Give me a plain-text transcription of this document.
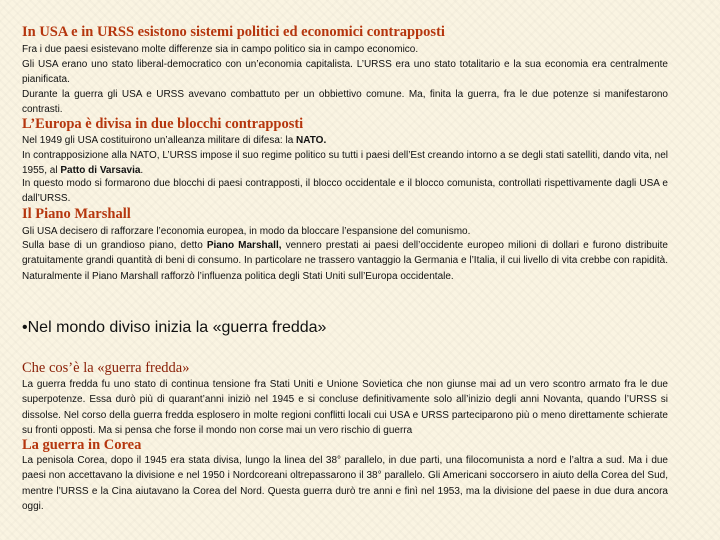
In USA e in URSS esistono sistemi politici ed economici contrapposti

Fra i due paesi esistevano molte differenze sia in campo politico sia in campo economico.

Gli USA erano uno stato liberal-democratico con un’economia capitalista. L’URSS era uno stato totalitario e la sua economia era centralmente pianificata.

Durante la guerra gli USA e URSS avevano combattuto per un obbiettivo comune. Ma, finita la guerra, fra le due potenze si manifestarono contrasti.

L’Europa è divisa in due blocchi contrapposti

Nel 1949 gli USA costituirono un’alleanza militare di difesa: la NATO.

In contrapposizione alla NATO, L’URSS impose il suo regime politico su tutti i paesi dell’Est creando intorno a se degli stati satelliti, dando vita, nel 1955, al Patto di Varsavia.

In questo modo si formarono due blocchi di paesi contrapposti, il blocco occidentale e il blocco comunista, controllati rispettivamente dagli USA e dall’URSS.

Il Piano Marshall

Gli USA decisero di rafforzare l’economia europea, in modo da bloccare l’espansione del comunismo.

Sulla base di un grandioso piano, detto Piano Marshall, vennero prestati ai paesi dell’occidente europeo milioni di dollari e furono distribuite gratuitamente grandi quantità di beni di consumo. In particolare ne trassero vantaggio la Germania e l’Italia, il cui livello di vita crebbe con rapidità. Naturalmente il Piano Marshall rafforzò l’influenza politica degli Stati Uniti sull’Europa occidentale.

•Nel mondo diviso inizia la «guerra fredda»

Che cos’è la «guerra fredda»

La guerra fredda fu uno stato di continua tensione fra Stati Uniti e Unione Sovietica che non giunse mai ad un vero scontro armato fra le due superpotenze. Essa durò più di quarant’anni iniziò nel 1945 e si concluse definitivamente solo all’inizio degli anni Novanta, quando l’URSS si dissolse. Nel corso della guerra fredda esplosero in molte regioni conflitti locali cui USA e URSS parteciparono più o meno direttamente schierate su fronti opposti. Ma si pensa che forse il mondo non corse mai un vero rischio di guerra

La guerra in Corea

La penisola Corea, dopo il 1945 era stata divisa, lungo la linea del 38° parallelo, in due parti, una filocomunista a nord e l’altra a sud. Ma i due paesi non accettavano la divisione e nel 1950 i Nordcoreani oltrepassarono il 38° parallelo. Gli Americani soccorsero in aiuto della Corea del Sud, mentre l’URSS e la Cina aiutavano la Corea del Nord. Questa guerra durò tre anni e finì nel 1953, ma la divisione del paese in due dura ancora oggi.
